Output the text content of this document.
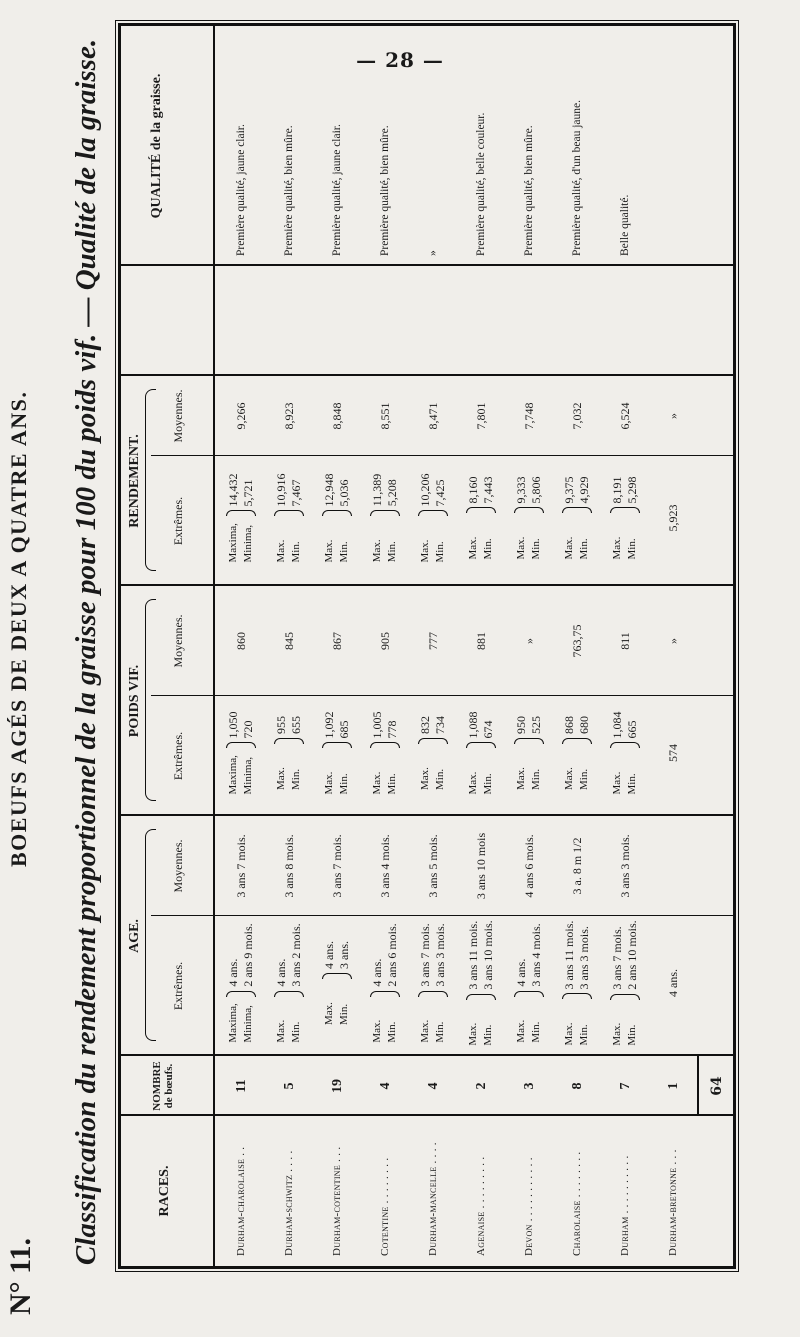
— 28 —
N° 11.
BOEUFS AGÉS DE DEUX A QUATRE ANS. Classification du rendement proportionnel de la graisse pour 100 du poids vif. — Qualité de la graisse.	RACES.
NOMBRE de bœufs.
AGE.
Extrêmes.
Moyennes.
POIDS VIF.
Extrêmes.
Moyennes.
RENDEMENT. Extrêmes.
Moyennes.
QUALITÉ de la graisse.
Durham-charolaise . .
11
Maxima, Minima,
4 ans. 2 ans 9 mois.
3 ans 7 mois.
Maxima, Minima,
1,050 720
860
Maxima, Minima,
14,432 5,721
9,266
Première qualité, jaune clair.
Durham-schwitz . . . .
5
Max. Min.
4 ans. 3 ans 2 mois.
3 ans 8 mois.
Max. Min.
955 655
845
Max. Min.
10,916 7,467
8,923
Première qualité, bien mûre.
Durham-cotentine . . .
19
Max. Min.
4 ans. 3 ans.
3 ans 7 mois.
Max. Min.
1,092 685
867
Max. Min.
12,948 5,036
8,848
Première qualité, jaune clair.
Cotentine . . . . . . . .
4
Max. Min.
4 ans. 2 ans 6 mois.
3 ans 4 mois.
Max. Min.
1,005 778
905
Max. Min.
11,389 5,208
8,551
Première qualité, bien mûre.
Durham-mancelle . . . .
4
Max. Min.
3 ans 7 mois. 3 ans 3 mois.
3 ans 5 mois.
Max. Min.
832 734
777
Max. Min.
10,206 7,425
8,471
»
Agenaise . . . . . . . . .
2
Max. Min.
3 ans 11 mois. 3 ans 10 mois.
3 ans 10 mois
Max. Min.
1,088 674
881
Max. Min.
8,160 7,443
7,801
Première qualité, belle couleur.
Devon . . . . . . . . . . .
3
Max. Min.
4 ans. 3 ans 4 mois.
4 ans 6 mois.
Max. Min.
950 525
»
Max. Min.
9,333 5,806
7,748
Première qualité, bien mûre.
Charolaise . . . . . . . .
8
Max. Min.
3 ans 11 mois. 3 ans 3 mois.
3 a. 8 m 1/2
Max. Min.
868 680
763,75
Max. Min.
9,375 4,929
7,032
Première qualité, d'un beau jaune.
Durham . . . . . . . . . .
7
Max. Min.
3 ans 7 mois. 2 ans 10 mois.
3 ans 3 mois.
Max. Min.
1,084 665
811
Max. Min.
8,191 5,298
6,524
Belle qualité.
Durham-bretonne . . .
1
4 ans.
574
»
5,923
»
64
